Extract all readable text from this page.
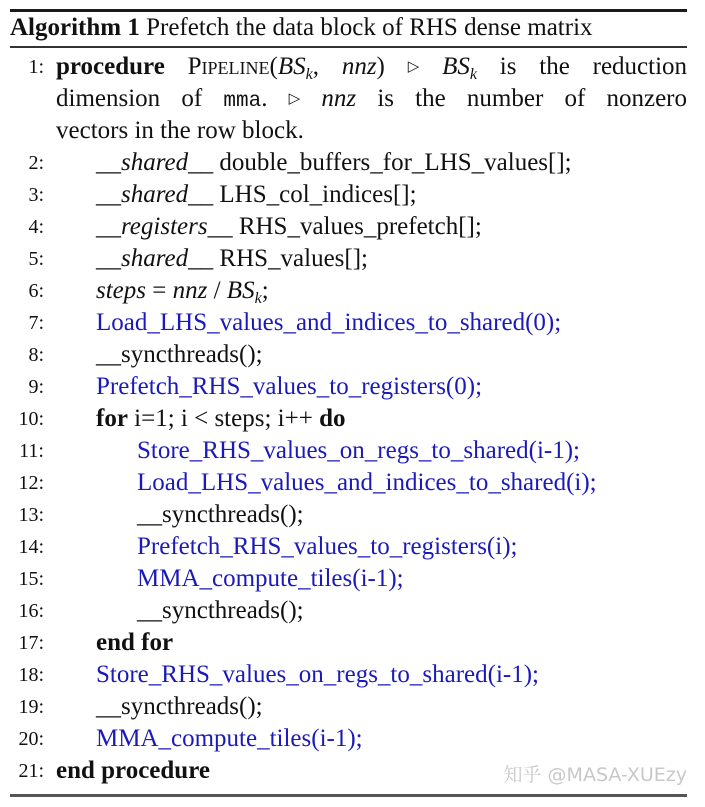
Algorithm 1 Prefetch the data block of RHS dense matrix
1: procedure $Pipeline(BS_k$, nnz) ▷ $BS_k$ is the reduction
dimension of mma. ▷ nnz is the number of nonzero
vectors in the row block.
2: __shared__ double_buffers_for_LHS_values[];
3: __shared__ LHS_col_indices[];
4: __registers__ RHS_values_prefetch[];
5: __shared__ RHS_values[];
6: steps = nnz / $BS_k$;
7: Load_LHS_values_and_indices_to_shared(0);
8: __syncthreads();
9: Prefetch_RHS_values_to_registers(0);
10: for i=1; i < steps; i++ do
11:	Store_RHS_values_on_regs_to_shared(i-1);
12:	Load_LHS_values_and_indices_to_shared(i);
13:	__syncthreads();
14:	Prefetch_RHS_values_to_registers(i);
15:	MMA_compute_tiles(i-1);
16:	__syncthreads();
17: end for
18: Store_RHS_values_on_regs_to_shared(i-1);
19: __syncthreads();
20: MMA_compute_tiles(i-1);
21: end procedure	知乎 @MASA-XUEzy
